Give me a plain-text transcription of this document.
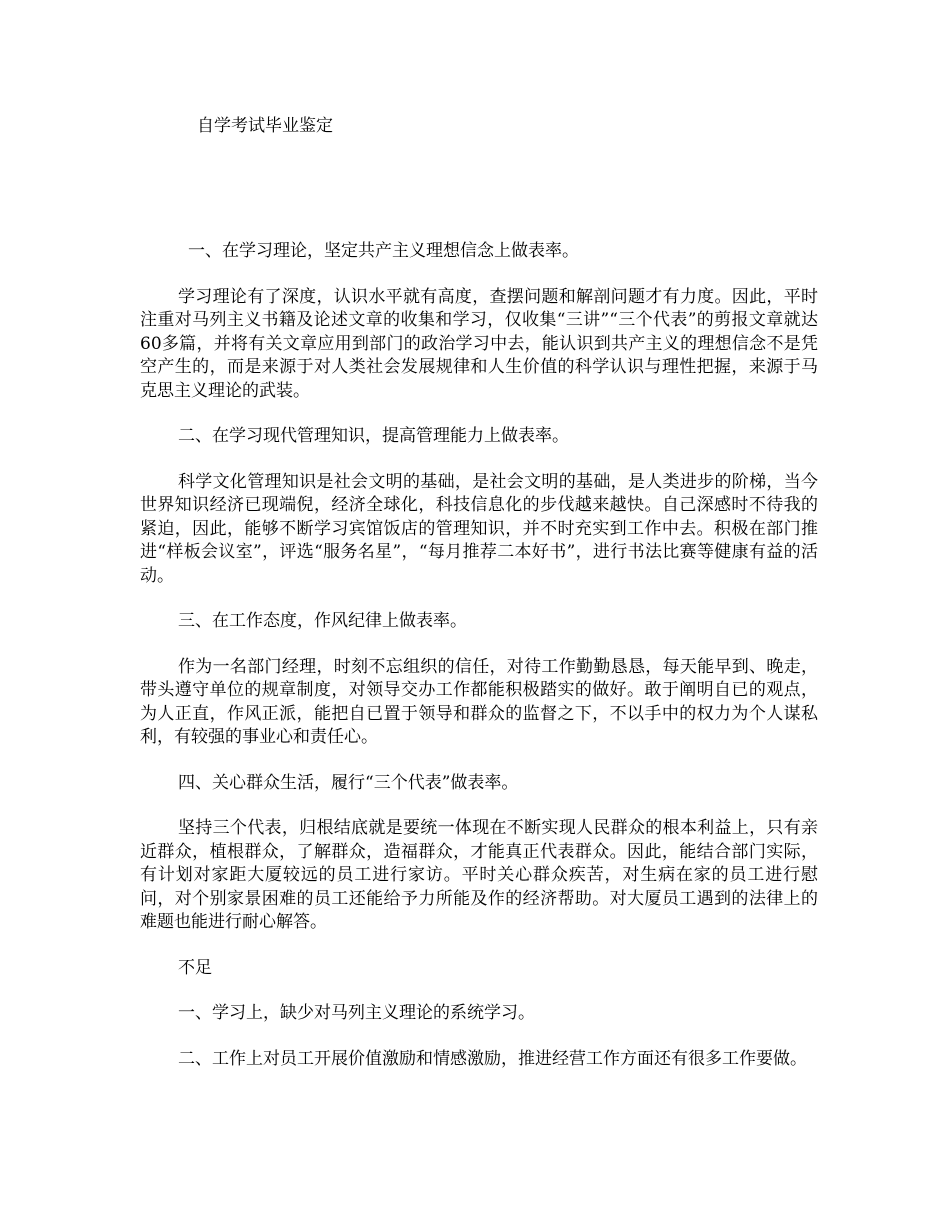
自学考试毕业鉴定

一、在学习理论，坚定共产主义理想信念上做表率。

学习理论有了深度，认识水平就有高度，查摆问题和解剖问题才有力度。因此，平时注重对马列主义书籍及论述文章的收集和学习，仅收集“三讲”“三个代表”的剪报文章就达60多篇，并将有关文章应用到部门的政治学习中去，能认识到共产主义的理想信念不是凭空产生的，而是来源于对人类社会发展规律和人生价值的科学认识与理性把握，来源于马克思主义理论的武装。

二、在学习现代管理知识，提高管理能力上做表率。

科学文化管理知识是社会文明的基础，是社会文明的基础，是人类进步的阶梯，当今世界知识经济已现端倪，经济全球化，科技信息化的步伐越来越快。自己深感时不待我的紧迫，因此，能够不断学习宾馆饭店的管理知识，并不时充实到工作中去。积极在部门推进“样板会议室”，评选“服务名星”，“每月推荐二本好书”，进行书法比赛等健康有益的活动。

三、在工作态度，作风纪律上做表率。

作为一名部门经理，时刻不忘组织的信任，对待工作勤勤恳恳，每天能早到、晚走，带头遵守单位的规章制度，对领导交办工作都能积极踏实的做好。敢于阐明自已的观点，为人正直，作风正派，能把自已置于领导和群众的监督之下，不以手中的权力为个人谋私利，有较强的事业心和责任心。

四、关心群众生活，履行“三个代表”做表率。

坚持三个代表，归根结底就是要统一体现在不断实现人民群众的根本利益上，只有亲近群众，植根群众，了解群众，造福群众，才能真正代表群众。因此，能结合部门实际，有计划对家距大厦较远的员工进行家访。平时关心群众疾苦，对生病在家的员工进行慰问，对个别家景困难的员工还能给予力所能及作的经济帮助。对大厦员工遇到的法律上的难题也能进行耐心解答。

不足

一、学习上，缺少对马列主义理论的系统学习。

二、工作上对员工开展价值激励和情感激励，推进经营工作方面还有很多工作要做。
